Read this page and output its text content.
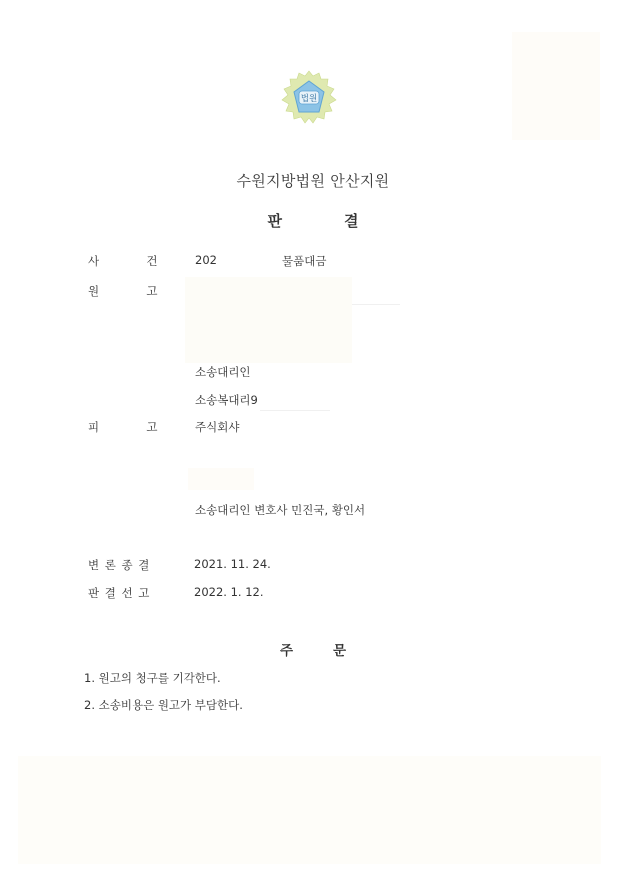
법원
수원지방법원 안산지원
판	결
사	건	202	물품대금
원	고
소송대리인
소송복대리9
피	고	주식회샤
소송대리인 변호사 민진국, 황인서
변 론 종 결	2021. 11. 24.
판 결 선 고	2022. 1. 12.
주	문
1. 원고의 청구를 기각한다.
2. 소송비용은 원고가 부담한다.
